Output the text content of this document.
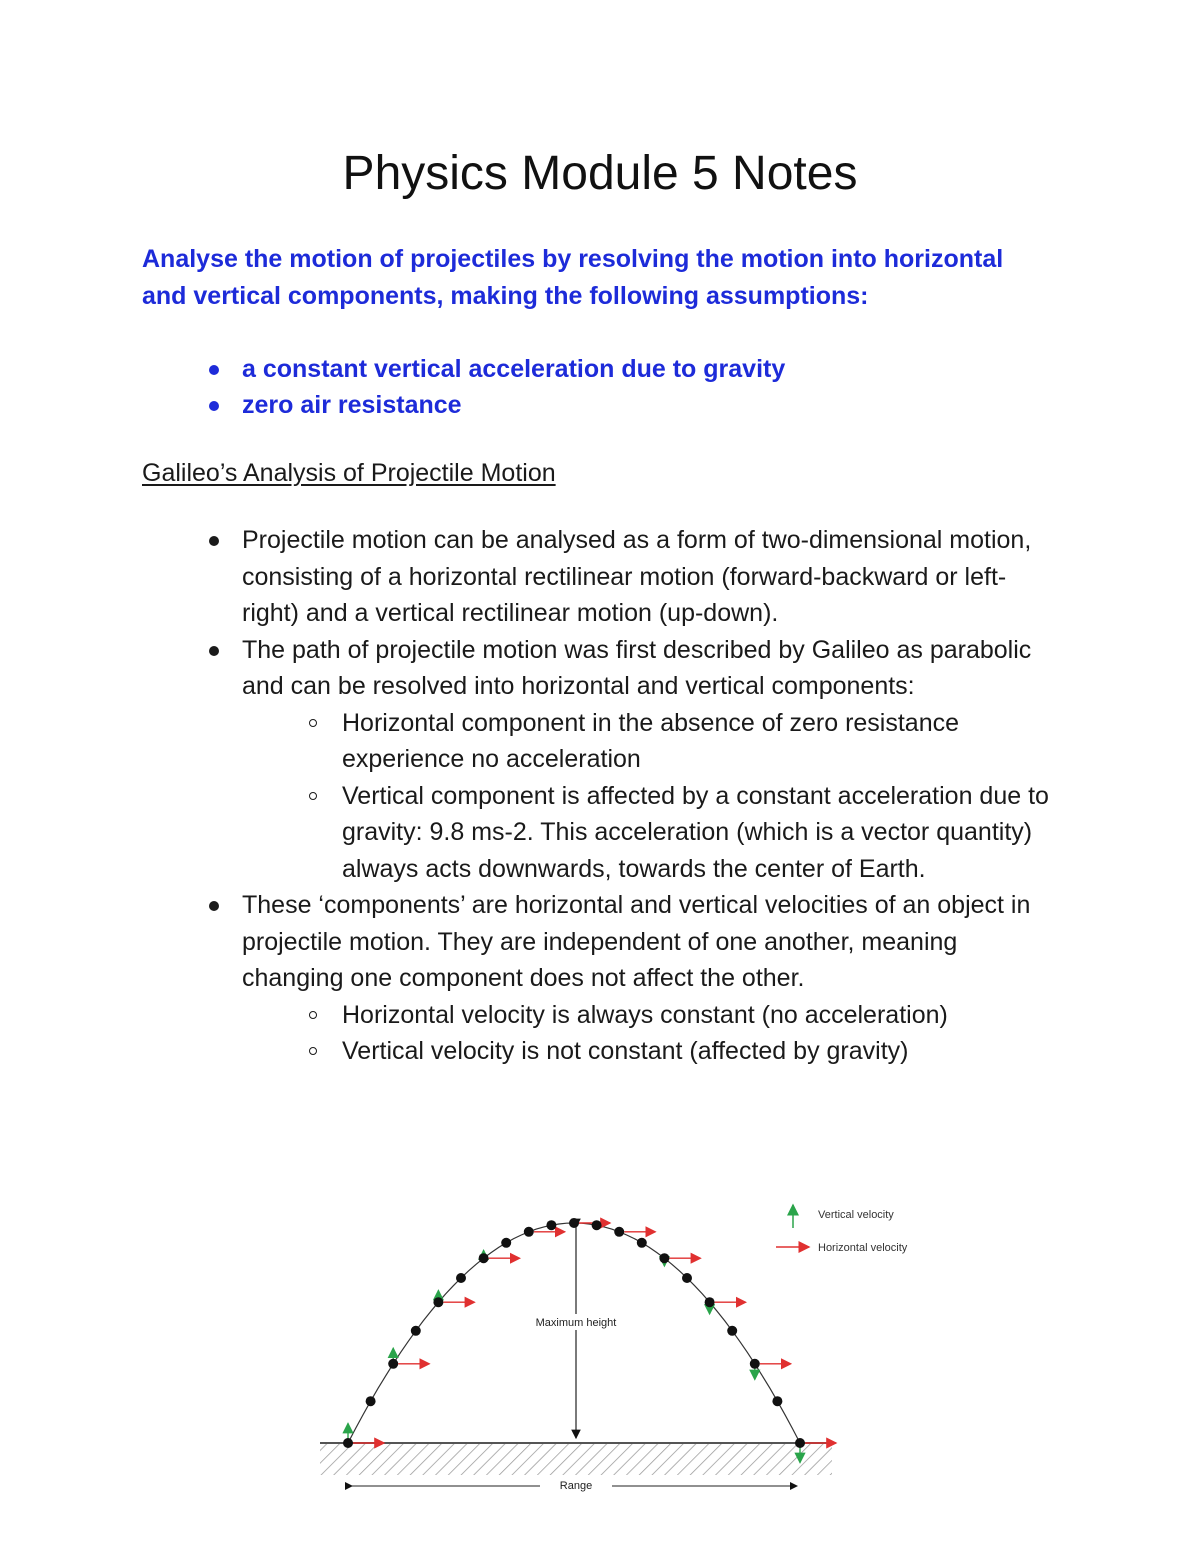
Physics Module 5 Notes
Analyse the motion of projectiles by resolving the motion into horizontal and vertical components, making the following assumptions:
a constant vertical acceleration due to gravity
zero air resistance
Galileo’s Analysis of Projectile Motion
Projectile motion can be analysed as a form of two-dimensional motion, consisting of a horizontal rectilinear motion (forward-backward or left-right) and a vertical rectilinear motion (up-down).
The path of projectile motion was first described by Galileo as parabolic and can be resolved into horizontal and vertical components:
Horizontal component in the absence of zero resistance experience no acceleration
Vertical component is affected by a constant acceleration due to gravity: 9.8 ms-2. This acceleration (which is a vector quantity) always acts downwards, towards the center of Earth.
These ‘components’ are horizontal and vertical velocities of an object in projectile motion. They are independent of one another, meaning changing one component does not affect the other.
Horizontal velocity is always constant (no acceleration)
Vertical velocity is not constant (affected by gravity)
Maximum height
Range
Vertical velocity
Horizontal velocity
